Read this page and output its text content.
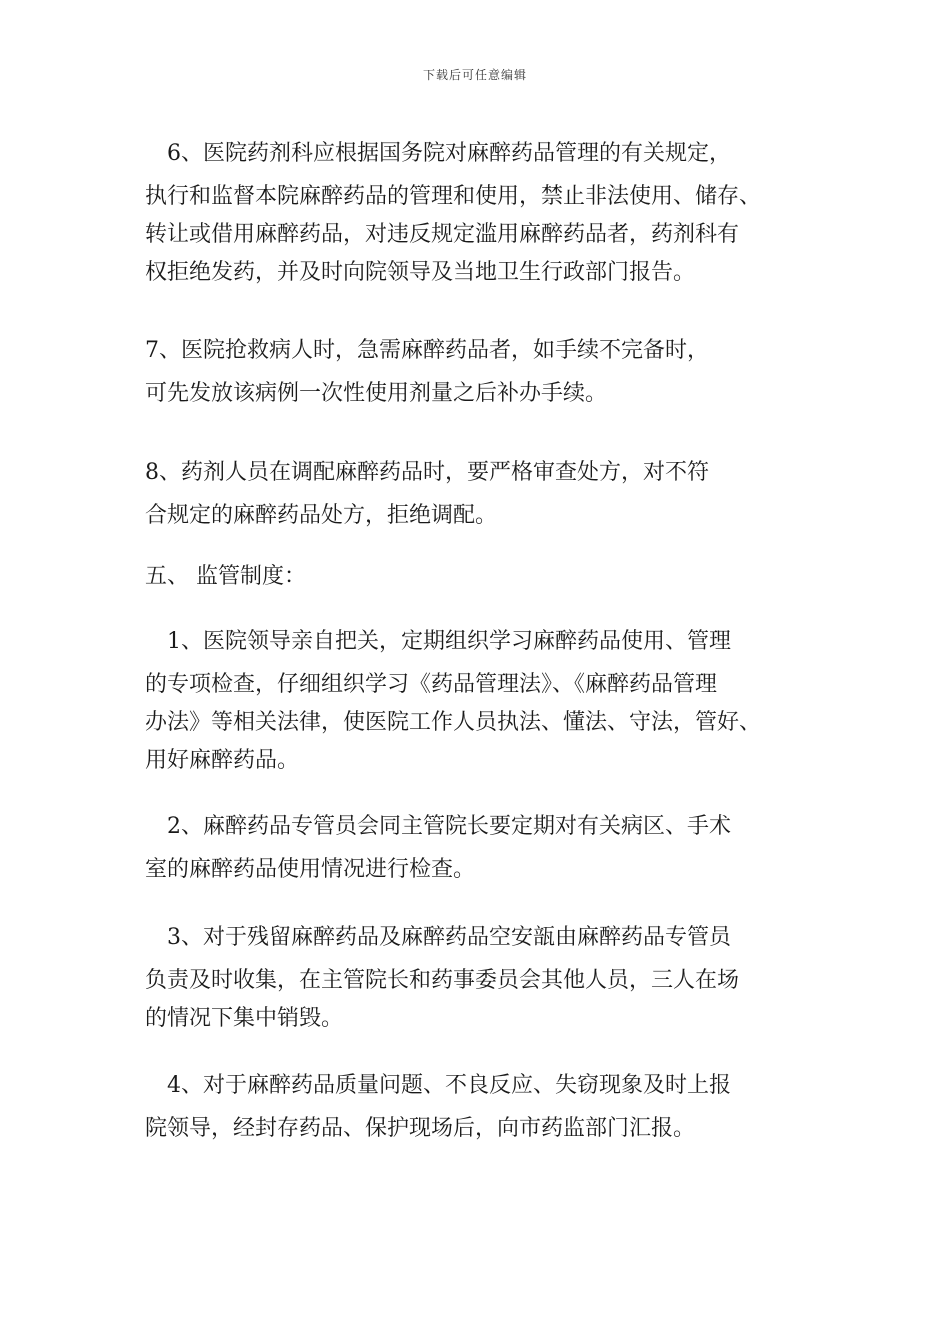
下载后可任意编辑
　6、医院药剂科应根据国务院对麻醉药品管理的有关规定，
执行和监督本院麻醉药品的管理和使用，禁止非法使用、储存、
转让或借用麻醉药品，对违反规定滥用麻醉药品者，药剂科有
权拒绝发药，并及时向院领导及当地卫生行政部门报告。
7、医院抢救病人时，急需麻醉药品者，如手续不完备时，
可先发放该病例一次性使用剂量之后补办手续。
8、药剂人员在调配麻醉药品时，要严格审查处方，对不符
合规定的麻醉药品处方，拒绝调配。
五、 监管制度：
　1、医院领导亲自把关，定期组织学习麻醉药品使用、管理
的专项检查，仔细组织学习《药品管理法》、《麻醉药品管理
办法》等相关法律，使医院工作人员执法、懂法、守法，管好、
用好麻醉药品。
　2、麻醉药品专管员会同主管院长要定期对有关病区、手术
室的麻醉药品使用情况进行检查。
　3、对于残留麻醉药品及麻醉药品空安瓿由麻醉药品专管员
负责及时收集，在主管院长和药事委员会其他人员，三人在场
的情况下集中销毁。
　4、对于麻醉药品质量问题、不良反应、失窃现象及时上报
院领导，经封存药品、保护现场后，向市药监部门汇报。
